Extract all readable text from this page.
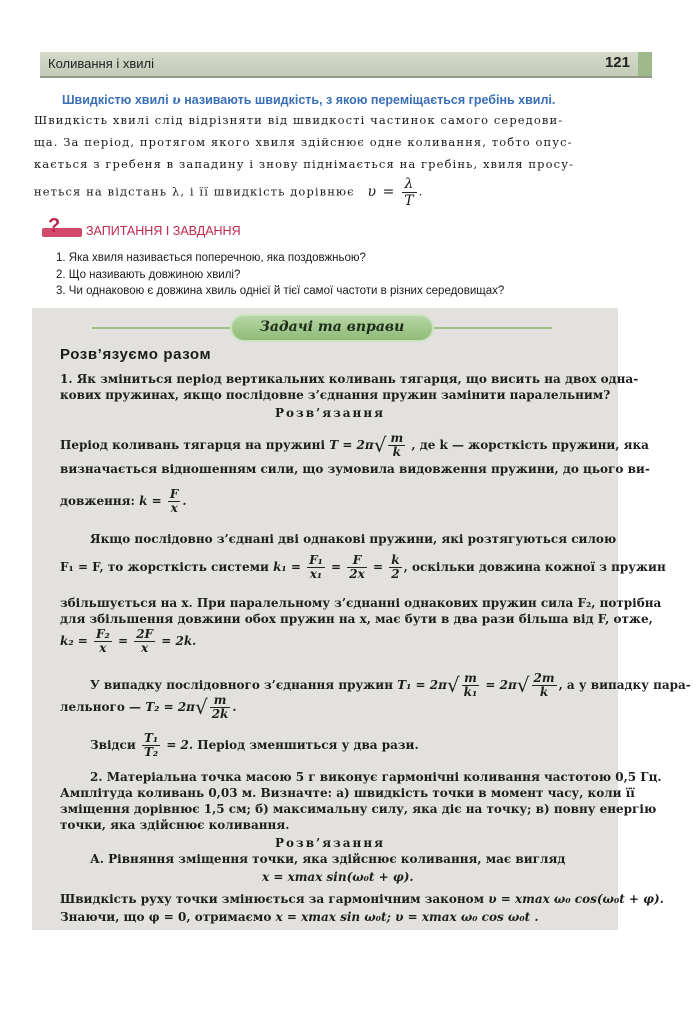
Коливання і хвилі	121
Швидкістю хвилі υ називають швидкість, з якою переміщається гребінь хвилі.
Швидкість хвилі слід відрізняти від швидкості частинок самого середови-
ща. За період, протягом якого хвиля здійснює одне коливання, тобто опус-
кається з гребеня в западину і знову піднімається на гребінь, хвиля просу-
неться на відстань λ, і її швидкість дорівнює $\upsilon = \frac{\lambda}{T}$ .
? ЗАПИТАННЯ І ЗАВДАННЯ
1. Яка хвиля називається поперечною, яка поздовжньою?
2. Що називають довжиною хвилі?
3. Чи однаковою є довжина хвиль однієї й тієї самої частоти в різних середовищах?
Задачі та вправи
Розв’язуємо разом
1. Як зміниться період вертикальних коливань тягарця, що висить на двох однa-
кових пружинах, якщо послідовне з’єднання пружин замінити паралельним?
Розв’язання
Період коливань тягарця на пружині $T = 2\pi√ \frac{m}{k}$ , де k — жорсткість пружини, яка
визначається відношенням сили, що зумовила видовження пружини, до цього ви-
довження: $k = \frac{F}{x}$ .
Якщо послідовно з’єднані дві однакові пружини, які розтягуються силою
F₁ = F, то жорсткість системи $k_1 = \frac{\text{F₁}}{\text{x₁}} = \frac{F}{2x} = \frac{k}{2}$ , оскільки довжина кожної з пружин
збільшується на x. При паралельному з’єднанні однакових пружин сила F₂, потрібна
для збільшення довжини обох пружин на x, має бути в два рази більша від F, отже,
$k_2 = \frac{\text{F₂}}{x} = \frac{2F}{x} = 2k$.
У випадку послідовного з’єднання пружин $T_1 = 2\pi√ \frac{m}{\text{k₁}} = 2\pi√ \frac{2m}{k}$ , а у випадку пара-
лельного — $T_2 = 2\pi√ \frac{m}{2k}$ .
Звідси $\frac{\text{T₁}}{\text{T₂}} = 2$. Період зменшиться у два рази.
2. Матеріальна точка масою 5 г виконує гармонічні коливання частотою 0,5 Гц.
Амплітуда коливань 0,03 м. Визначте: а) швидкість точки в момент часу, коли її
зміщення дорівнює 1,5 см; б) максимальну силу, яка діє на точку; в) повну енергію
точки, яка здійснює коливання.
Розв’язання
А. Рівняння зміщення точки, яка здійснює коливання, має вигляд
x = xmax sin(ω₀t + φ).
Швидкість руху точки змінюється за гармонічним законом υ = xmax ω₀ cos(ω₀t + φ).
Знаючи, що φ = 0, отримаємо x = xmax sin ω₀t; υ = xmax ω₀ cos ω₀t .
